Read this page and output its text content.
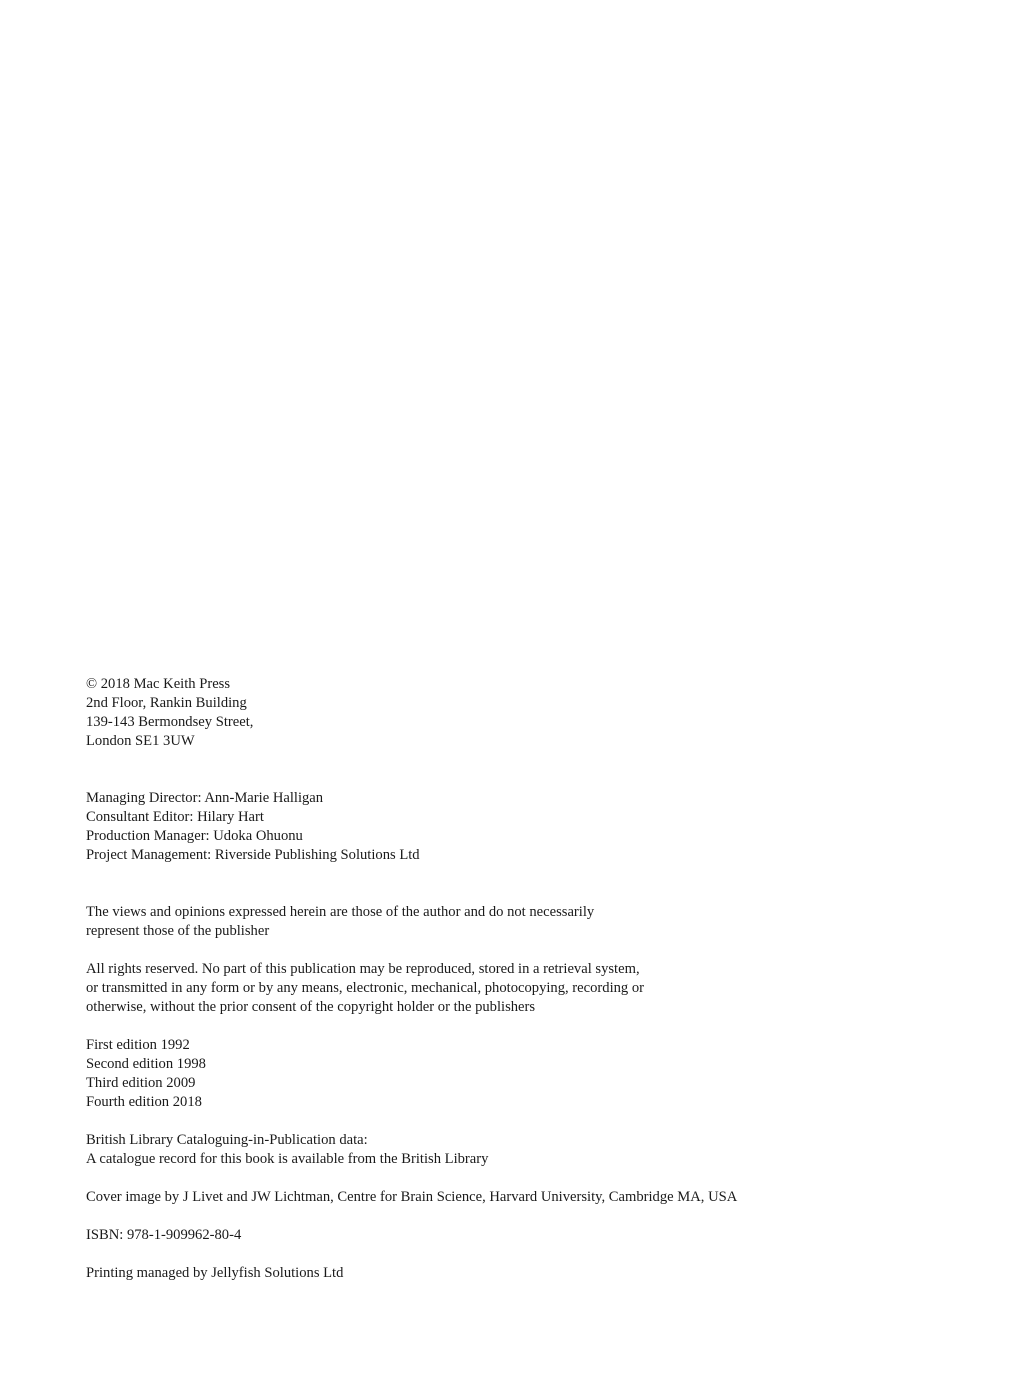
© 2018 Mac Keith Press
2nd Floor, Rankin Building
139-143 Bermondsey Street,
London SE1 3UW
Managing Director: Ann-Marie Halligan
Consultant Editor: Hilary Hart
Production Manager: Udoka Ohuonu
Project Management: Riverside Publishing Solutions Ltd
The views and opinions expressed herein are those of the author and do not necessarily
represent those of the publisher
All rights reserved. No part of this publication may be reproduced, stored in a retrieval system,
or transmitted in any form or by any means, electronic, mechanical, photocopying, recording or
otherwise, without the prior consent of the copyright holder or the publishers
First edition 1992
Second edition 1998
Third edition 2009
Fourth edition 2018
British Library Cataloguing-in-Publication data:
A catalogue record for this book is available from the British Library
Cover image by J Livet and JW Lichtman, Centre for Brain Science, Harvard University, Cambridge MA, USA
ISBN: 978-1-909962-80-4
Printing managed by Jellyfish Solutions Ltd
